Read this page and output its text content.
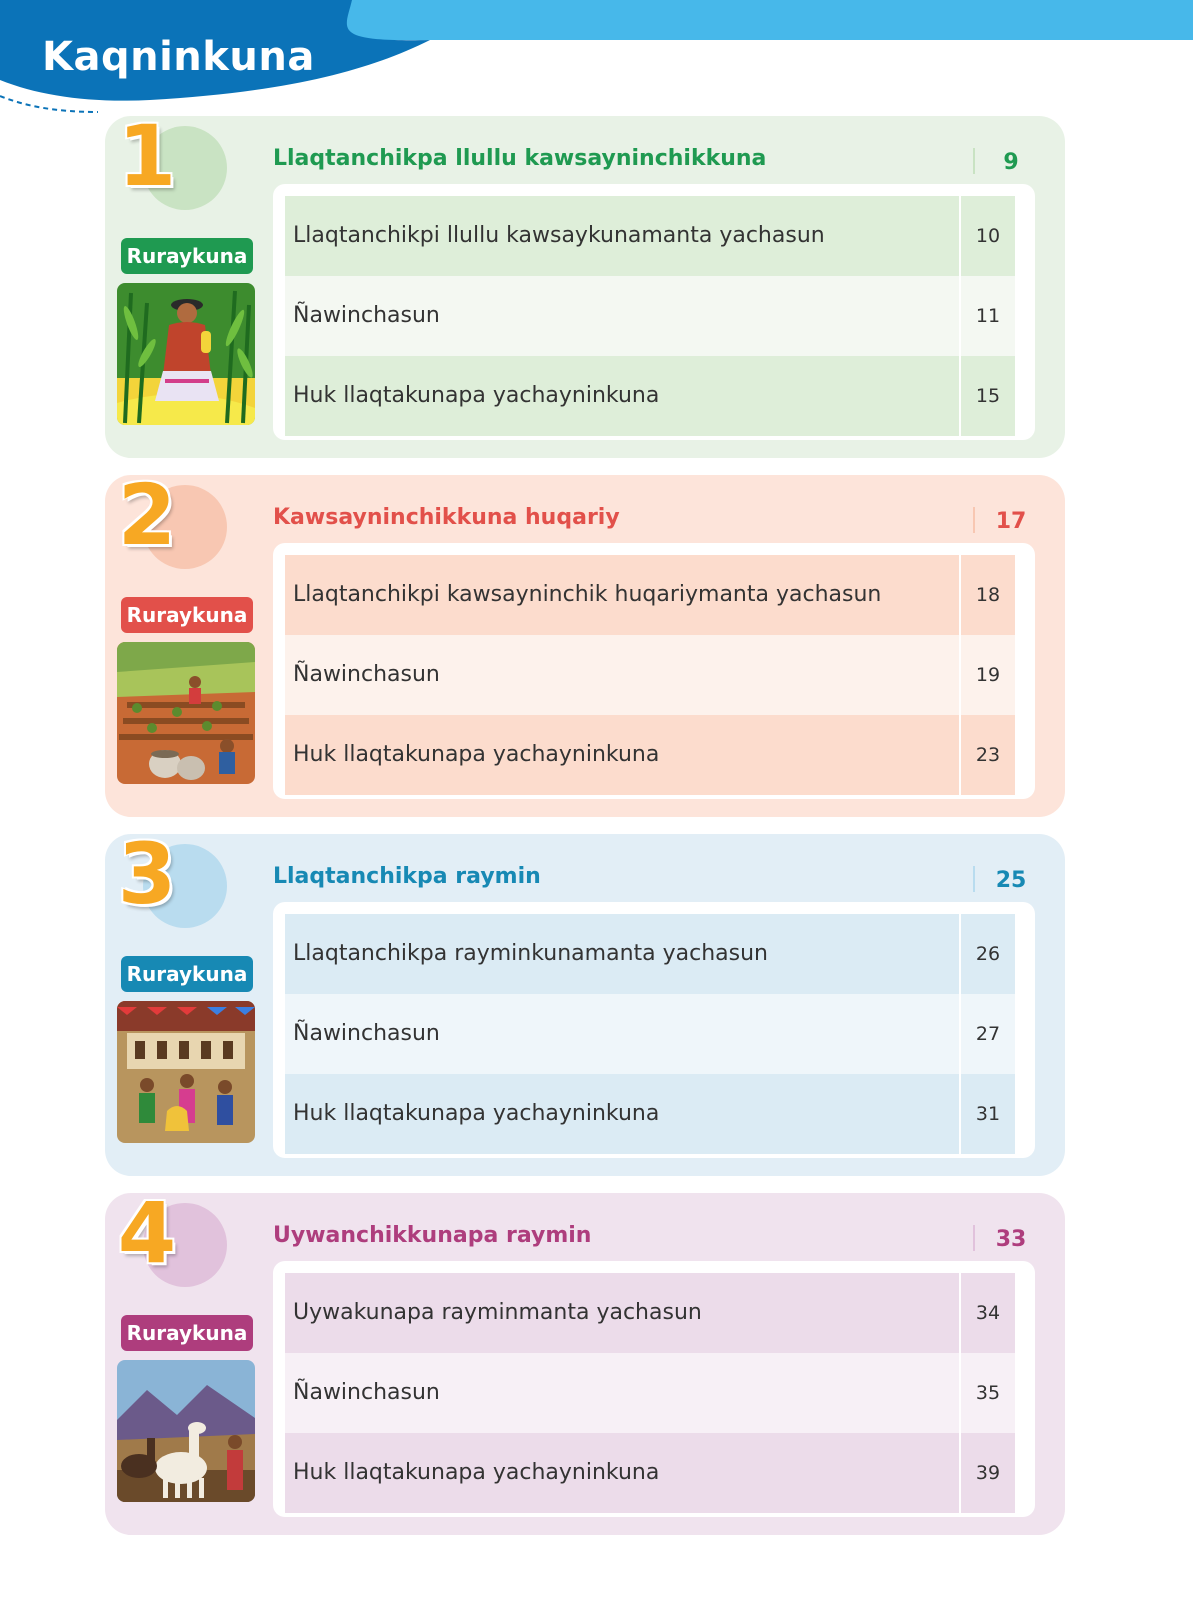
Kaqninkuna
1
Ruraykuna
Llaqtanchikpa llullu kawsayninchikkuna	9
Llaqtanchikpi llullu kawsaykunamanta yachasun	10
Ñawinchasun	11
Huk llaqtakunapa yachayninkuna	15
2
Ruraykuna
Kawsayninchikkuna huqariy	17
Llaqtanchikpi kawsayninchik huqariymanta yachasun	18
Ñawinchasun	19
Huk llaqtakunapa yachayninkuna	23
3
Ruraykuna
Llaqtanchikpa raymin	25
Llaqtanchikpa rayminkunamanta yachasun	26
Ñawinchasun	27
Huk llaqtakunapa yachayninkuna	31
4
Ruraykuna
Uywanchikkunapa raymin	33
Uywakunapa rayminmanta yachasun	34
Ñawinchasun	35
Huk llaqtakunapa yachayninkuna	39
